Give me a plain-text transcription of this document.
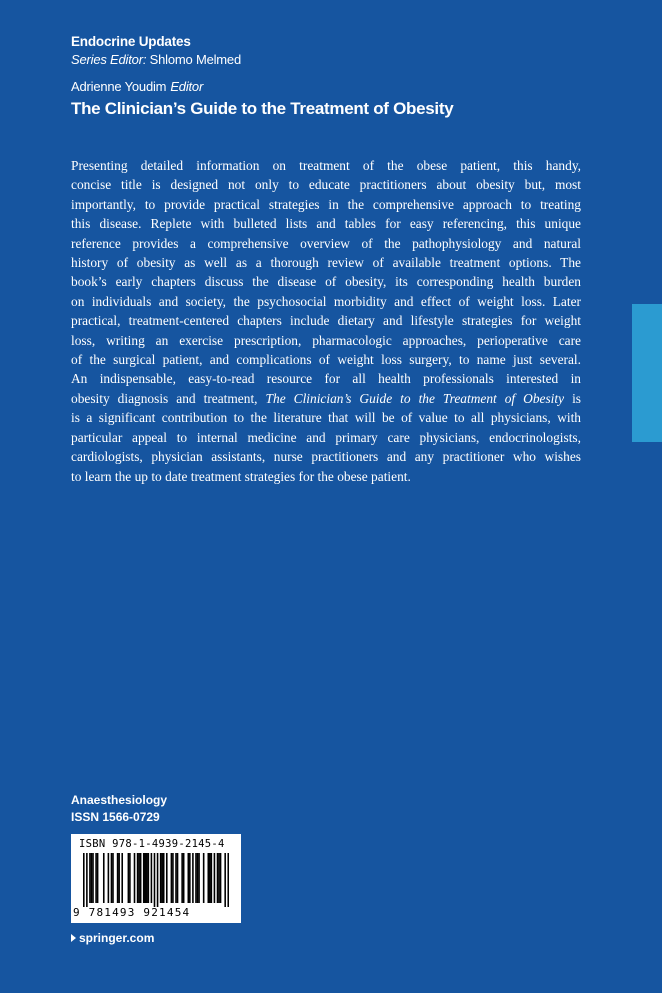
Endocrine Updates
Series Editor: Shlomo Melmed
Adrienne Youdim Editor
The Clinician’s Guide to the Treatment of Obesity
Presenting detailed information on treatment of the obese patient, this handy,
concise title is designed not only to educate practitioners about obesity but, most
importantly, to provide practical strategies in the comprehensive approach to treating
this disease. Replete with bulleted lists and tables for easy referencing, this unique
reference provides a comprehensive overview of the pathophysiology and natural
history of obesity as well as a thorough review of available treatment options. The
book’s early chapters discuss the disease of obesity, its corresponding health burden
on individuals and society, the psychosocial morbidity and effect of weight loss. Later
practical, treatment-centered chapters include dietary and lifestyle strategies for weight
loss, writing an exercise prescription, pharmacologic approaches, perioperative care
of the surgical patient, and complications of weight loss surgery, to name just several.
An indispensable, easy-to-read resource for all health professionals interested in
obesity diagnosis and treatment, The Clinician’s Guide to the Treatment of Obesity is
is a significant contribution to the literature that will be of value to all physicians, with
particular appeal to internal medicine and primary care physicians, endocrinologists,
cardiologists, physician assistants, nurse practitioners and any practitioner who wishes
to learn the up to date treatment strategies for the obese patient.
Anaesthesiology
ISSN 1566-0729
ISBN 978-1-4939-2145-4
9 781493 921454
springer.com
